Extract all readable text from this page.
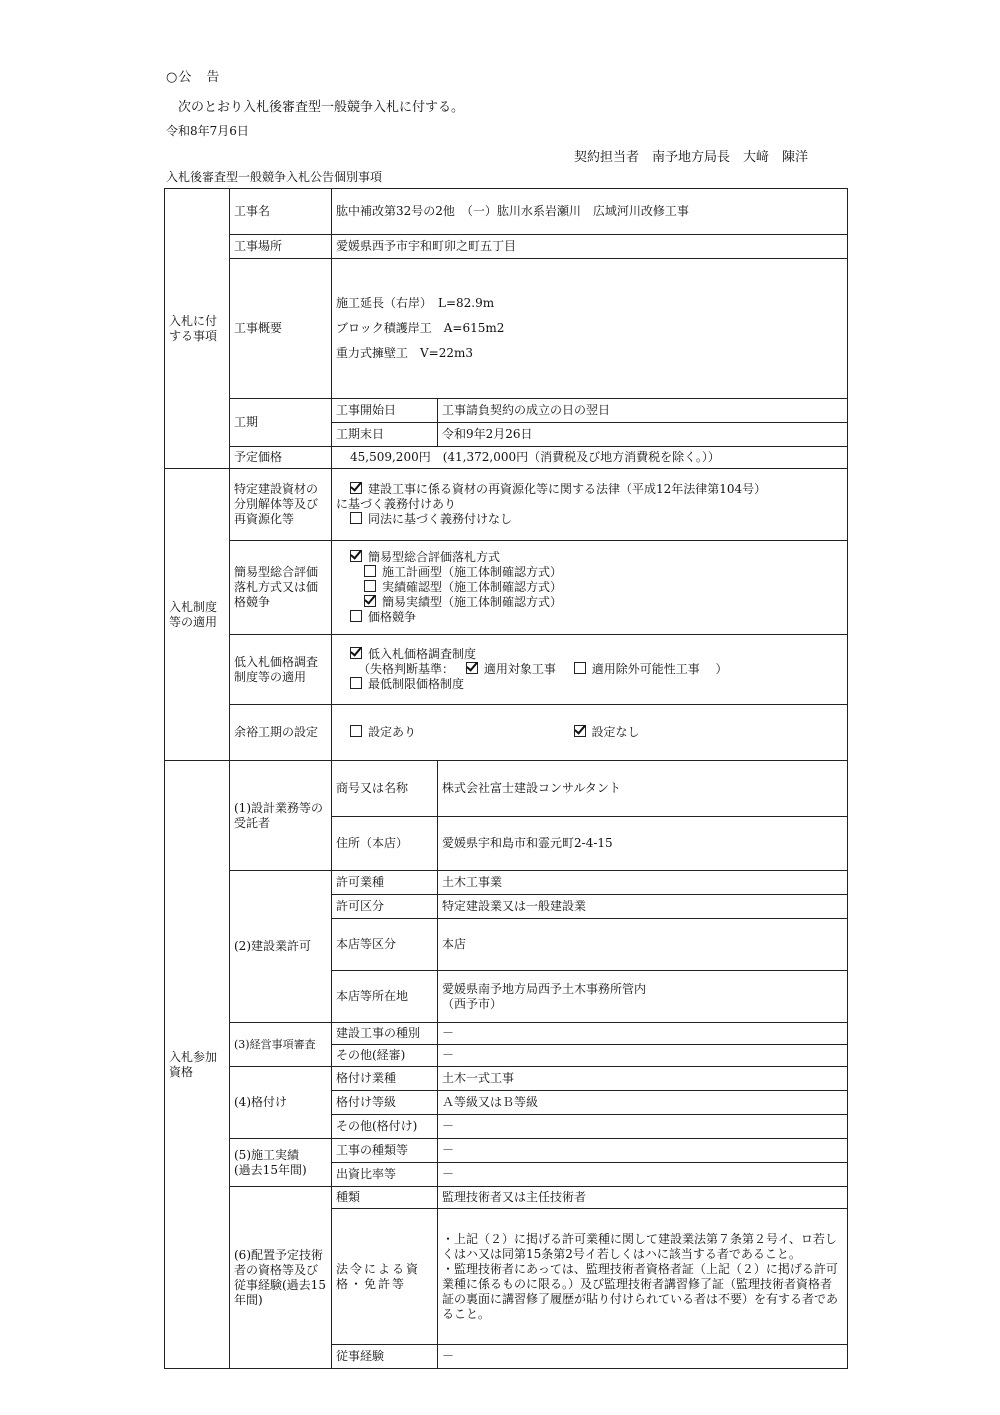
○公　告
次のとおり入札後審査型一般競争入札に付する。
令和8年7月6日
契約担当者　南予地方局長　大﨑　陳洋
入札後審査型一般競争入札公告個別事項
入札に付する事項	工事名	肱中補改第32号の2他　（一）肱川水系岩瀬川　広域河川改修工事	
	工事場所	愛媛県西予市宇和町卯之町五丁目	
	工事概要	施工延長（右岸）　L=82.9m
ブロック積護岸工　A=615m2
重力式擁壁工　V=22m3	

	工期	工事開始日	工事請負契約の成立の日の翌日
		工期末日	令和9年2月26日
	予定価格	45,509,200円　(41,372,000円（消費税及び地方消費税を除く。））	
入札制度等の適用	特定建設資材の分別解体等及び再資源化等	建設工事に係る資材の再資源化等に関する法律（平成12年法律第104号）
に基づく義務付けあり
同法に基づく義務付けなし	

	簡易型総合評価落札方式又は価格競争	簡易型総合評価落札方式
施工計画型（施工体制確認方式）
実績確認型（施工体制確認方式）
簡易実績型（施工体制確認方式）
価格競争	

	低入札価格調査制度等の適用	低入札価格調査制度
（失格判断基準： 適用対象工事 適用除外可能性工事 ）
最低制限価格制度	

	余裕工期の設定	設定あり 設定なし	
入札参加資格	(1)設計業務等の受託者	商号又は名称	株式会社富士建設コンサルタント
		住所（本店）	愛媛県宇和島市和霊元町2-4-15
	(2)建設業許可	許可業種	土木工事業
		許可区分	特定建設業又は一般建設業
		本店等区分	本店
		本店等所在地	愛媛県南予地方局西予土木事務所管内
（西予市）

	(3)経営事項審査	建設工事の種別	－
		その他(経審)	－
	(4)格付け	格付け業種	土木一式工事
		格付け等級	Ａ等級又はＢ等級
		その他(格付け)	－

	(5)施工実績
(過去15年間)	工事の種類等	－
		出資比率等	－
	(6)配置予定技術者の資格等及び従事経験(過去15年間)	種類	監理技術者又は主任技術者
		法令による資格・免許等	・上記（２）に掲げる許可業種に関して建設業法第７条第２号イ、ロ若しくはハ又は同第15条第2号イ若しくはハに該当する者であること。
・監理技術者にあっては、監理技術者資格者証（上記（２）に掲げる許可業種に係るものに限る。）及び監理技術者講習修了証（監理技術者資格者証の裏面に講習修了履歴が貼り付けられている者は不要）を有する者であること。

		従事経験	－
